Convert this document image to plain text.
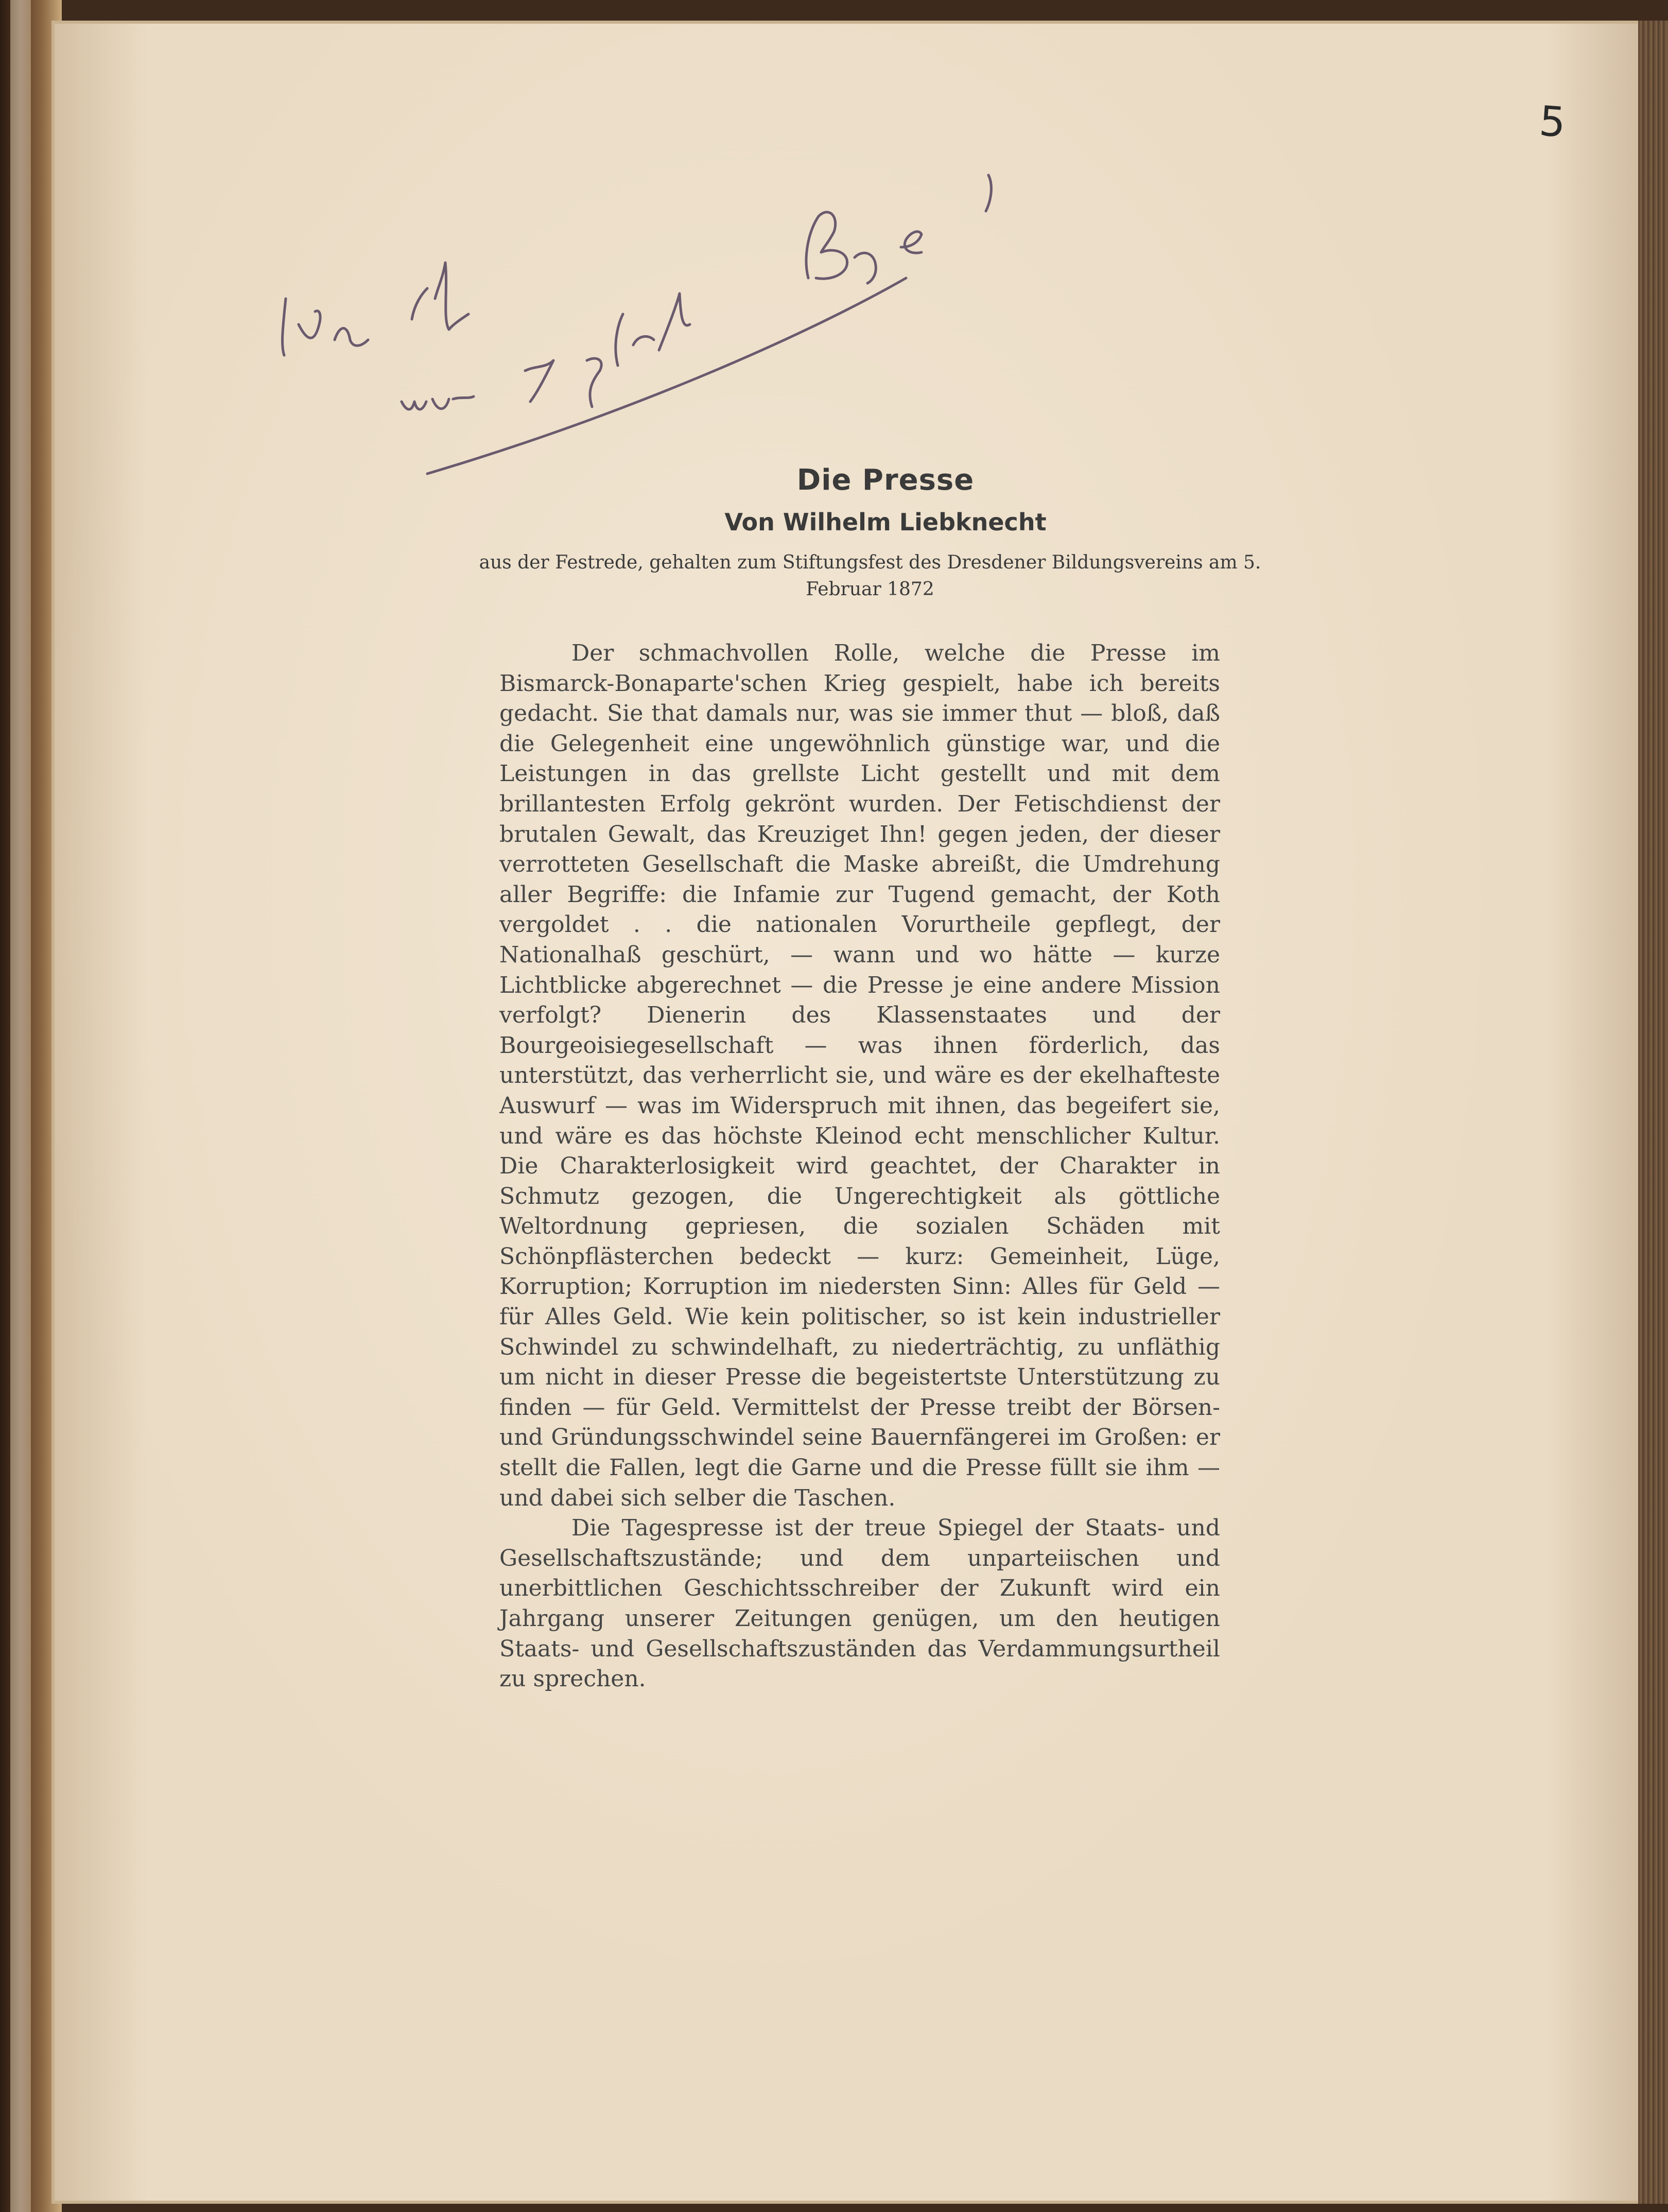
5
Die Presse
Von Wilhelm Liebknecht
aus der Festrede, gehalten zum Stiftungsfest des Dresdener Bildungsvereins am 5. Februar 1872

Der schmachvollen Rolle, welche die Presse im Bismarck-Bonaparte'schen Krieg gespielt, habe ich bereits gedacht. Sie that damals nur, was sie immer thut — bloß, daß die Gelegenheit eine ungewöhnlich günstige war, und die Leistungen in das grellste Licht gestellt und mit dem brillantesten Erfolg gekrönt wurden. Der Fetischdienst der brutalen Gewalt, das Kreuziget Ihn! gegen jeden, der dieser verrotteten Gesellschaft die Maske abreißt, die Umdrehung aller Begriffe: die Infamie zur Tugend gemacht, der Koth vergoldet . . die nationalen Vorurtheile gepflegt, der Nationalhaß geschürt, — wann und wo hätte — kurze Lichtblicke abgerechnet — die Presse je eine andere Mission verfolgt? Dienerin des Klassenstaates und der Bourgeoisiegesellschaft — was ihnen förderlich, das unterstützt, das verherrlicht sie, und wäre es der ekelhafteste Auswurf — was im Widerspruch mit ihnen, das begeifert sie, und wäre es das höchste Kleinod echt menschlicher Kultur. Die Charakterlosigkeit wird geachtet, der Charakter in Schmutz gezogen, die Ungerechtigkeit als göttliche Weltordnung gepriesen, die sozialen Schäden mit Schönpflästerchen bedeckt — kurz: Gemeinheit, Lüge, Korruption; Korruption im niedersten Sinn: Alles für Geld — für Alles Geld. Wie kein politischer, so ist kein industrieller Schwindel zu schwindelhaft, zu niederträchtig, zu unfläthig um nicht in dieser Presse die begeistertste Unterstützung zu finden — für Geld. Vermittelst der Presse treibt der Börsen- und Gründungsschwindel seine Bauernfängerei im Großen: er stellt die Fallen, legt die Garne und die Presse füllt sie ihm — und dabei sich selber die Taschen.

Die Tagespresse ist der treue Spiegel der Staats- und Gesellschaftszustände; und dem unparteiischen und unerbittlichen Geschichtsschreiber der Zukunft wird ein Jahrgang unserer Zeitungen genügen, um den heutigen Staats- und Gesellschaftszuständen das Verdammungsurtheil zu sprechen.
